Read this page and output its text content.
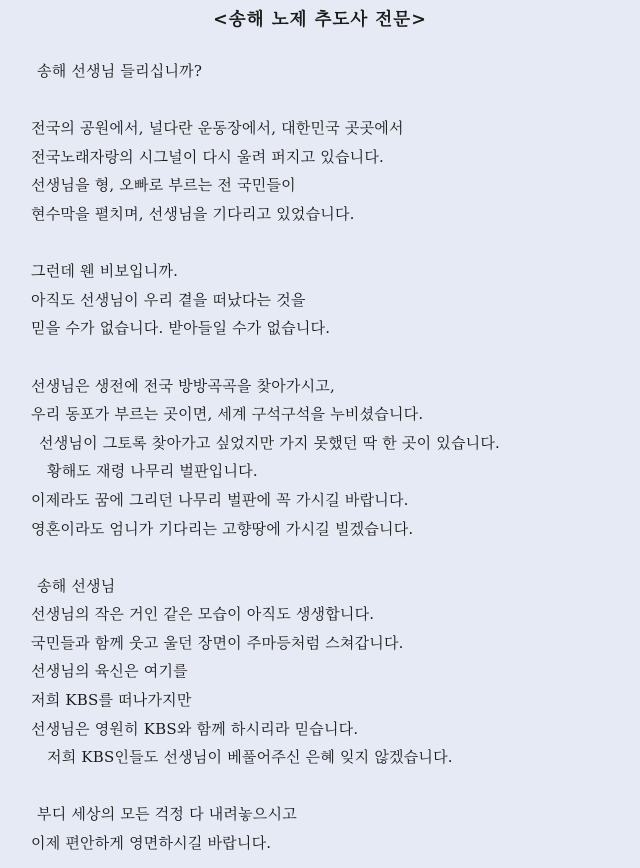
<송해 노제 추도사 전문>
송해 선생님 들리십니까?
전국의 공원에서, 널다란 운동장에서, 대한민국 곳곳에서
전국노래자랑의 시그널이 다시 울려 퍼지고 있습니다.
선생님을 형, 오빠로 부르는 전 국민들이
현수막을 펼치며, 선생님을 기다리고 있었습니다.
그런데 웬 비보입니까.
아직도 선생님이 우리 곁을 떠났다는 것을
믿을 수가 없습니다. 받아들일 수가 없습니다.
선생님은 생전에 전국 방방곡곡을 찾아가시고,
우리 동포가 부르는 곳이면, 세계 구석구석을 누비셨습니다.
선생님이 그토록 찾아가고 싶었지만 가지 못했던 딱 한 곳이 있습니다.
황해도 재령 나무리 벌판입니다.
이제라도 꿈에 그리던 나무리 벌판에 꼭 가시길 바랍니다.
영혼이라도 엄니가 기다리는 고향땅에 가시길 빌겠습니다.
송해 선생님
선생님의 작은 거인 같은 모습이 아직도 생생합니다.
국민들과 함께 웃고 울던 장면이 주마등처럼 스쳐갑니다.
선생님의 육신은 여기를
저희 KBS를 떠나가지만
선생님은 영원히 KBS와 함께 하시리라 믿습니다.
저희 KBS인들도 선생님이 베풀어주신 은혜 잊지 않겠습니다.
부디 세상의 모든 걱정 다 내려놓으시고
이제 편안하게 영면하시길 바랍니다.
